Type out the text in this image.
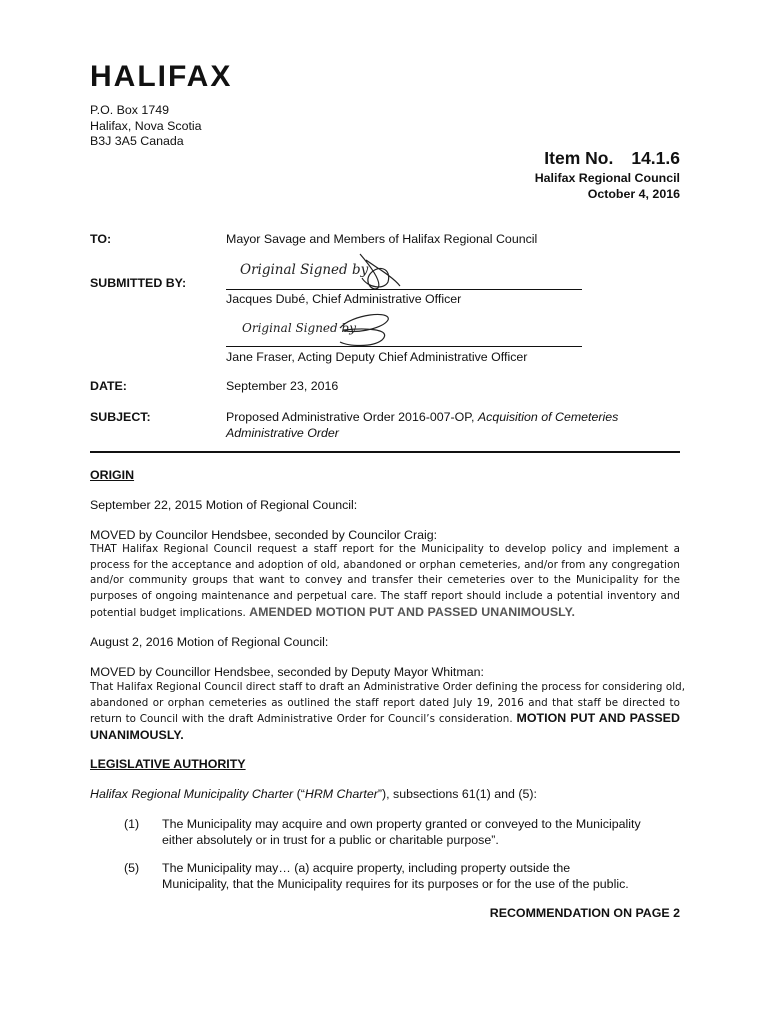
HALIFAX
P.O. Box 1749
Halifax, Nova Scotia
B3J 3A5 Canada
Item No. 14.1.6
Halifax Regional Council
October 4, 2016
TO:	Mayor Savage and Members of Halifax Regional Council
SUBMITTED BY:
Original Signed by
Jacques Dubé, Chief Administrative Officer
Original Signed by
Jane Fraser, Acting Deputy Chief Administrative Officer
DATE:	September 23, 2016
SUBJECT:	Proposed Administrative Order 2016-007-OP, Acquisition of Cemeteries
Administrative Order
ORIGIN
September 22, 2015 Motion of Regional Council:
MOVED by Councilor Hendsbee, seconded by Councilor Craig:
THAT Halifax Regional Council request a staff report for the Municipality to develop policy and implement a
process for the acceptance and adoption of old, abandoned or orphan cemeteries, and/or from any congregation
and/or community groups that want to convey and transfer their cemeteries over to the Municipality for the
purposes of ongoing maintenance and perpetual care. The staff report should include a potential inventory and
potential budget implications. AMENDED MOTION PUT AND PASSED UNANIMOUSLY.
August 2, 2016 Motion of Regional Council:
MOVED by Councillor Hendsbee, seconded by Deputy Mayor Whitman:
That Halifax Regional Council direct staff to draft an Administrative Order defining the process for considering old,
abandoned or orphan cemeteries as outlined the staff report dated July 19, 2016 and that staff be directed to
return to Council with the draft Administrative Order for Council’s consideration. MOTION PUT AND PASSED
UNANIMOUSLY.
LEGISLATIVE AUTHORITY
Halifax Regional Municipality Charter (“HRM Charter”), subsections 61(1) and (5):
(1) The Municipality may acquire and own property granted or conveyed to the Municipality
either absolutely or in trust for a public or charitable purpose”.
(5) The Municipality may… (a) acquire property, including property outside the
Municipality, that the Municipality requires for its purposes or for the use of the public.
RECOMMENDATION ON PAGE 2
